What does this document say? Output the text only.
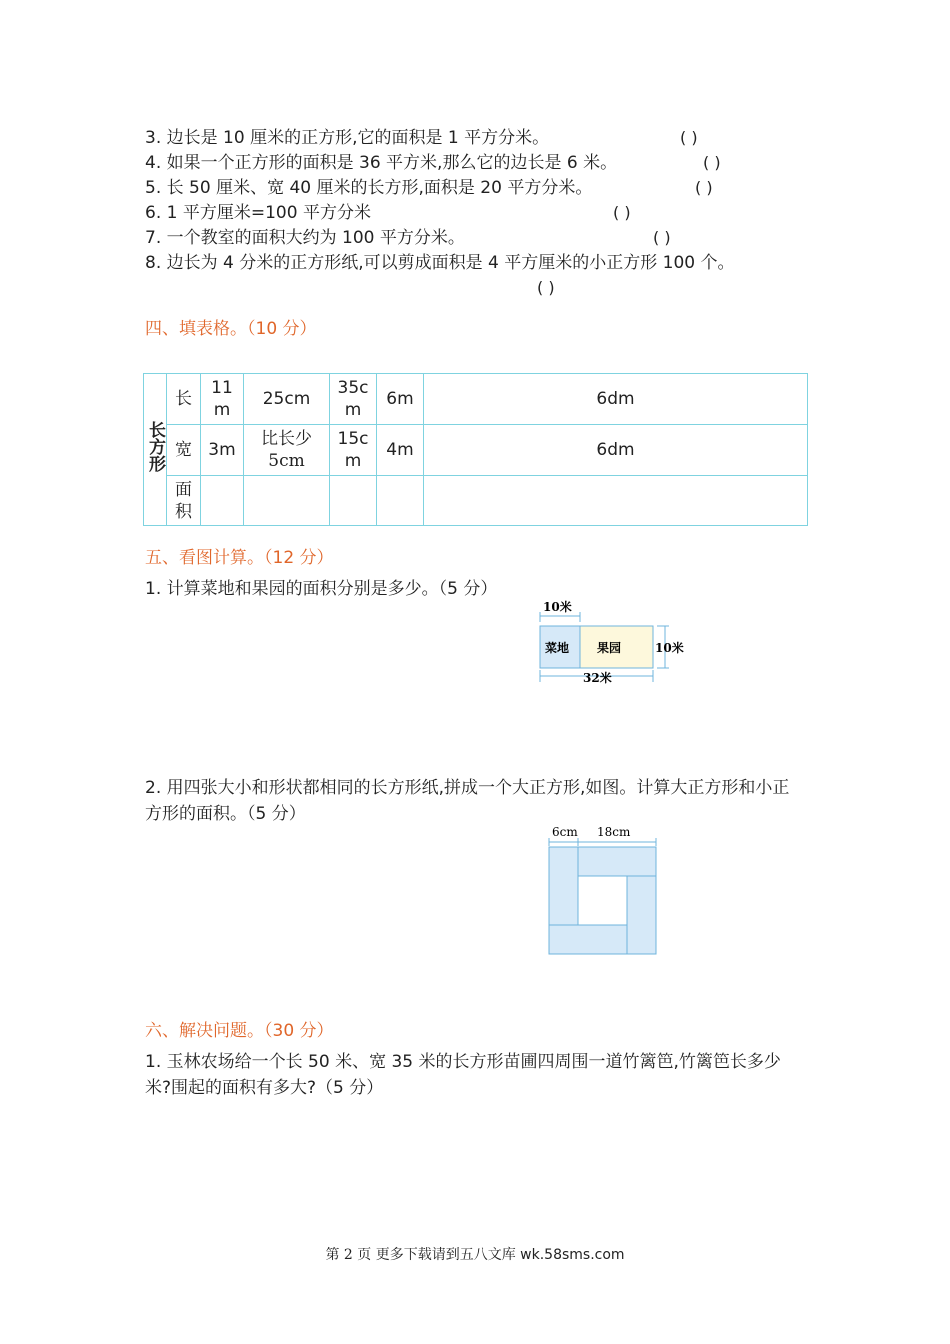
3. 边长是 10 厘米的正方形,它的面积是 1 平方分米。	( )
4. 如果一个正方形的面积是 36 平方米,那么它的边长是 6 米。	( )
5. 长 50 厘米、宽 40 厘米的长方形,面积是 20 平方分米。	( )
6. 1 平方厘米=100 平方分米	( )
7. 一个教室的面积大约为 100 平方分米。	( )
8. 边长为 4 分米的正方形纸,可以剪成面积是 4 平方厘米的小正方形 100 个。
( )
四、填表格。（10 分）
长方形	长	11 m	25cm	35c m	6m	6dm
	宽	3m	比长少 5cm	15c m	4m	6dm
	面积					
五、看图计算。（12 分）
1. 计算菜地和果园的面积分别是多少。（5 分）
10米
菜地 果园	10米
32米
2. 用四张大小和形状都相同的长方形纸,拼成一个大正方形,如图。计算大正方形和小正方形的面积。（5 分）
6cm 18cm
六、解决问题。（30 分）
1. 玉林农场给一个长 50 米、宽 35 米的长方形苗圃四周围一道竹篱笆,竹篱笆长多少米?围起的面积有多大?（5 分）
第 2 页 更多下载请到五八文库 wk.58sms.com
